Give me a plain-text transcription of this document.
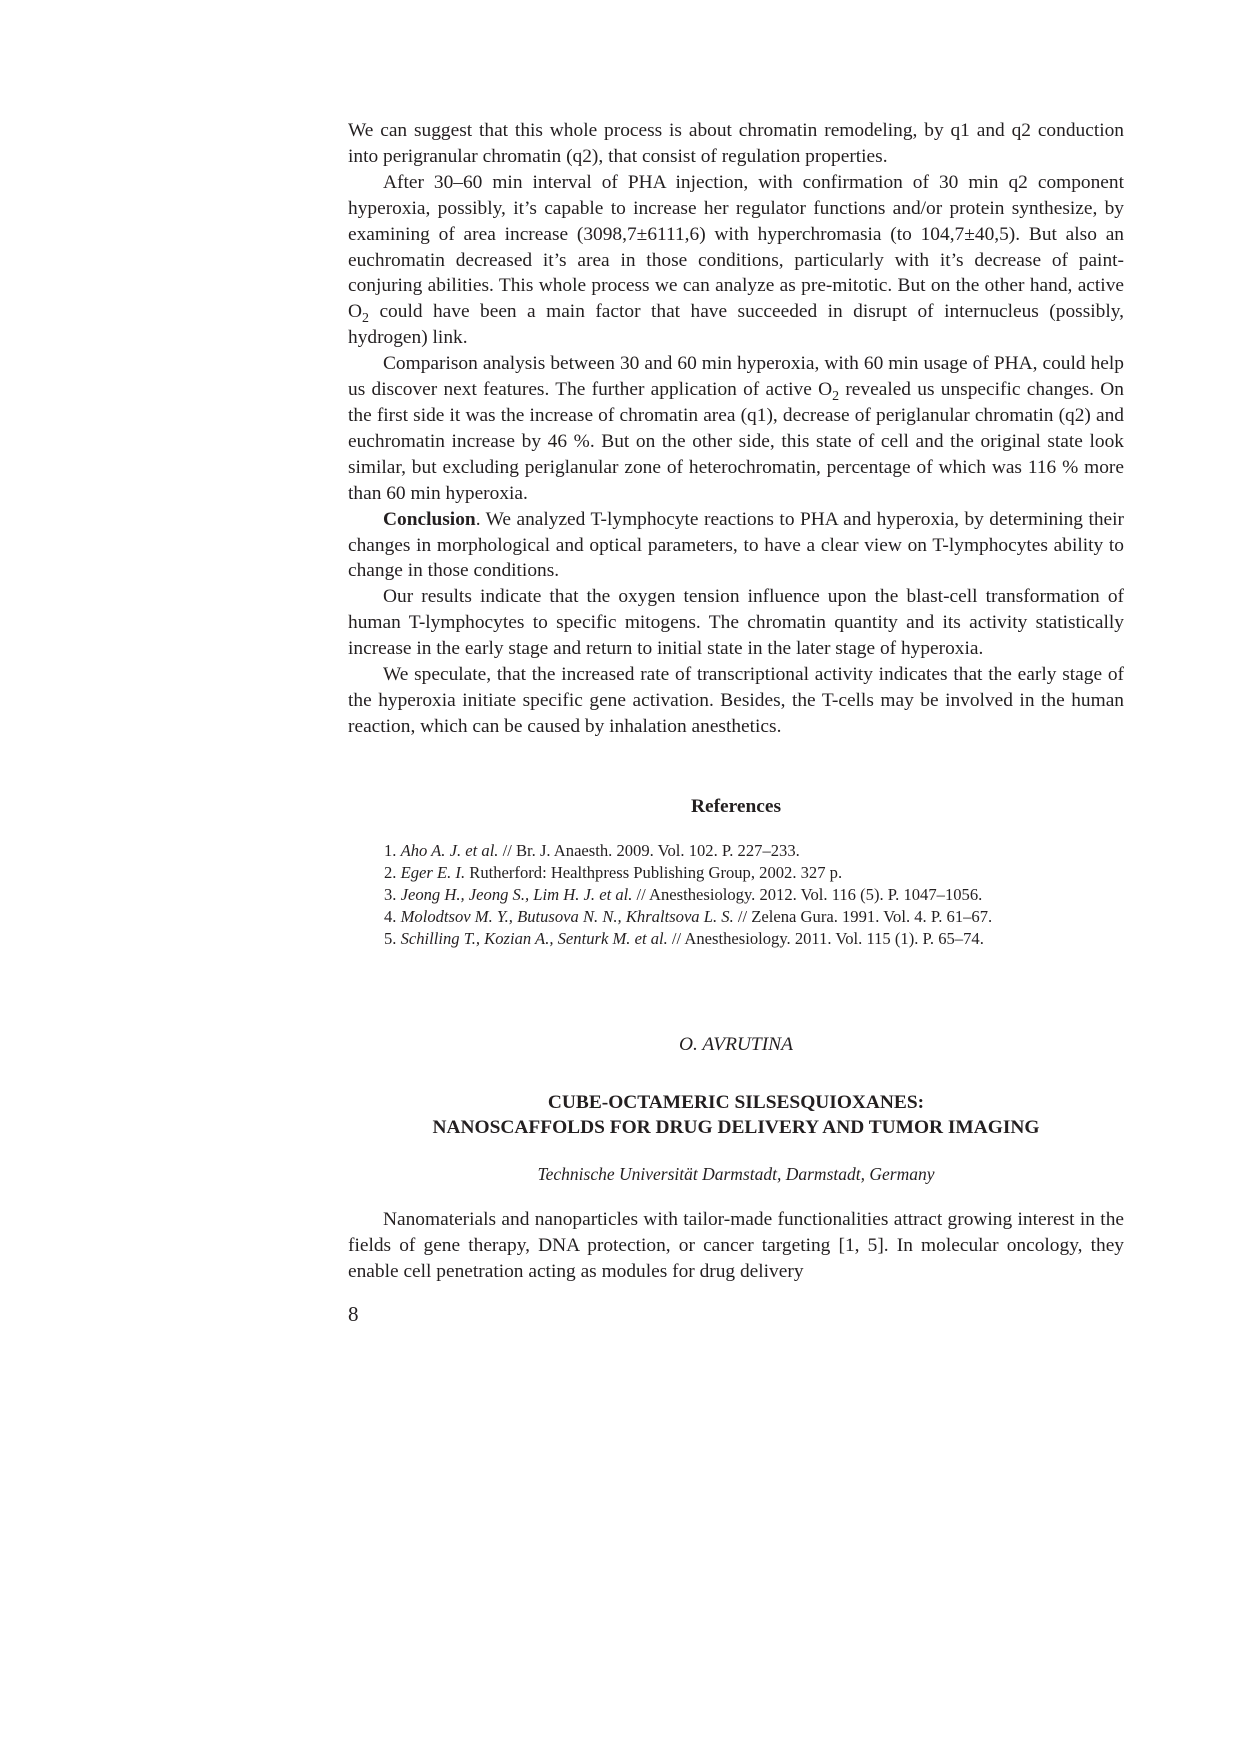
We can suggest that this whole process is about chromatin remodeling, by q1 and q2 conduction into perigranular chromatin (q2), that consist of regulation properties.

After 30–60 min interval of PHA injection, with confirmation of 30 min q2 component hyperoxia, possibly, it’s capable to increase her regulator functions and/or protein synthesize, by examining of area increase (3098,7±6111,6) with hyperchromasia (to 104,7±40,5). But also an euchromatin decreased it’s area in those conditions, particularly with it’s decrease of paint-conjuring abilities. This whole process we can analyze as pre-mitotic. But on the other hand, active $O_2$ could have been a main factor that have succeeded in disrupt of internucleus (possibly, hydrogen) link.

Comparison analysis between 30 and 60 min hyperoxia, with 60 min usage of PHA, could help us discover next features. The further application of active $O_2$ revealed us unspecific changes. On the first side it was the increase of chromatin area (q1), decrease of periglanular chromatin (q2) and euchromatin increase by 46 %. But on the other side, this state of cell and the original state look similar, but excluding periglanular zone of heterochromatin, percentage of which was 116 % more than 60 min hyperoxia.

Conclusion. We analyzed T-lymphocyte reactions to PHA and hyperoxia, by determining their changes in morphological and optical parameters, to have a clear view on T-lymphocytes ability to change in those conditions.

Our results indicate that the oxygen tension influence upon the blast-cell transformation of human T-lymphocytes to specific mitogens. The chromatin quantity and its activity statistically increase in the early stage and return to initial state in the later stage of hyperoxia.

We speculate, that the increased rate of transcriptional activity indicates that the early stage of the hyperoxia initiate specific gene activation. Besides, the T-cells may be involved in the human reaction, which can be caused by inhalation anesthetics.

References
1. Aho A. J. et al. // Br. J. Anaesth. 2009. Vol. 102. P. 227–233.
2. Eger E. I. Rutherford: Healthpress Publishing Group, 2002. 327 p.
3. Jeong H., Jeong S., Lim H. J. et al. // Anesthesiology. 2012. Vol. 116 (5). P. 1047–1056.
4. Molodtsov M. Y., Butusova N. N., Khraltsova L. S. // Zelena Gura. 1991. Vol. 4. P. 61–67.
5. Schilling T., Kozian A., Senturk M. et al. // Anesthesiology. 2011. Vol. 115 (1). P. 65–74.
O. AVRUTINA
CUBE-OCTAMERIC SILSESQUIOXANES:
NANOSCAFFOLDS FOR DRUG DELIVERY AND TUMOR IMAGING
Technische Universität Darmstadt, Darmstadt, Germany

Nanomaterials and nanoparticles with tailor-made functionalities attract growing interest in the fields of gene therapy, DNA protection, or cancer targeting [1, 5]. In molecular oncology, they enable cell penetration acting as modules for drug delivery

8
